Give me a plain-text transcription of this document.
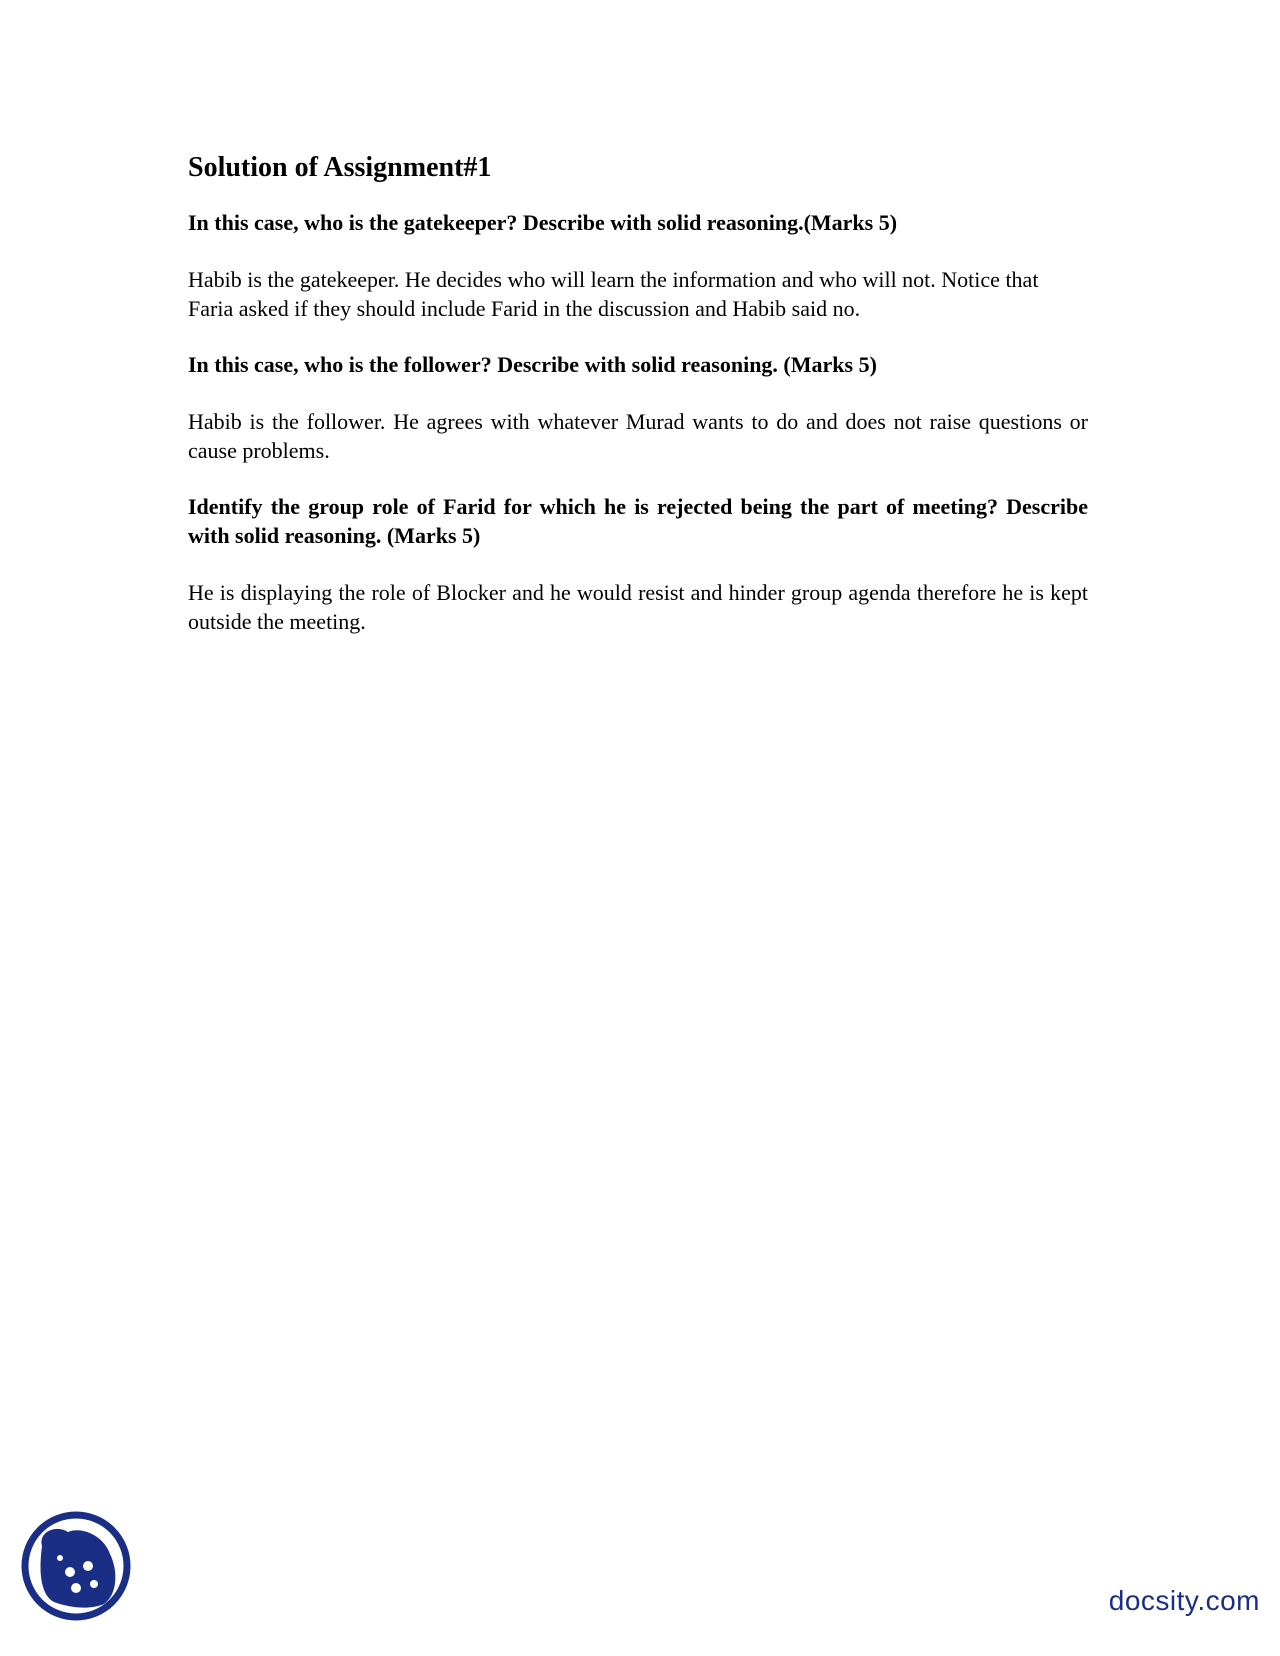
Solution of Assignment#1
In this case, who is the gatekeeper? Describe with solid reasoning.(Marks 5)
Habib is the gatekeeper. He decides who will learn the information and who will not. Notice that Faria asked if they should include Farid in the discussion and Habib said no.
In this case, who is the follower? Describe with solid reasoning. (Marks 5)
Habib is the follower. He agrees with whatever Murad wants to do and does not raise questions or cause problems.
Identify the group role of Farid for which he is rejected being the part of meeting? Describe with solid reasoning. (Marks 5)
He is displaying the role of Blocker and he would resist and hinder group agenda therefore he is kept outside the meeting.
docsity.com
